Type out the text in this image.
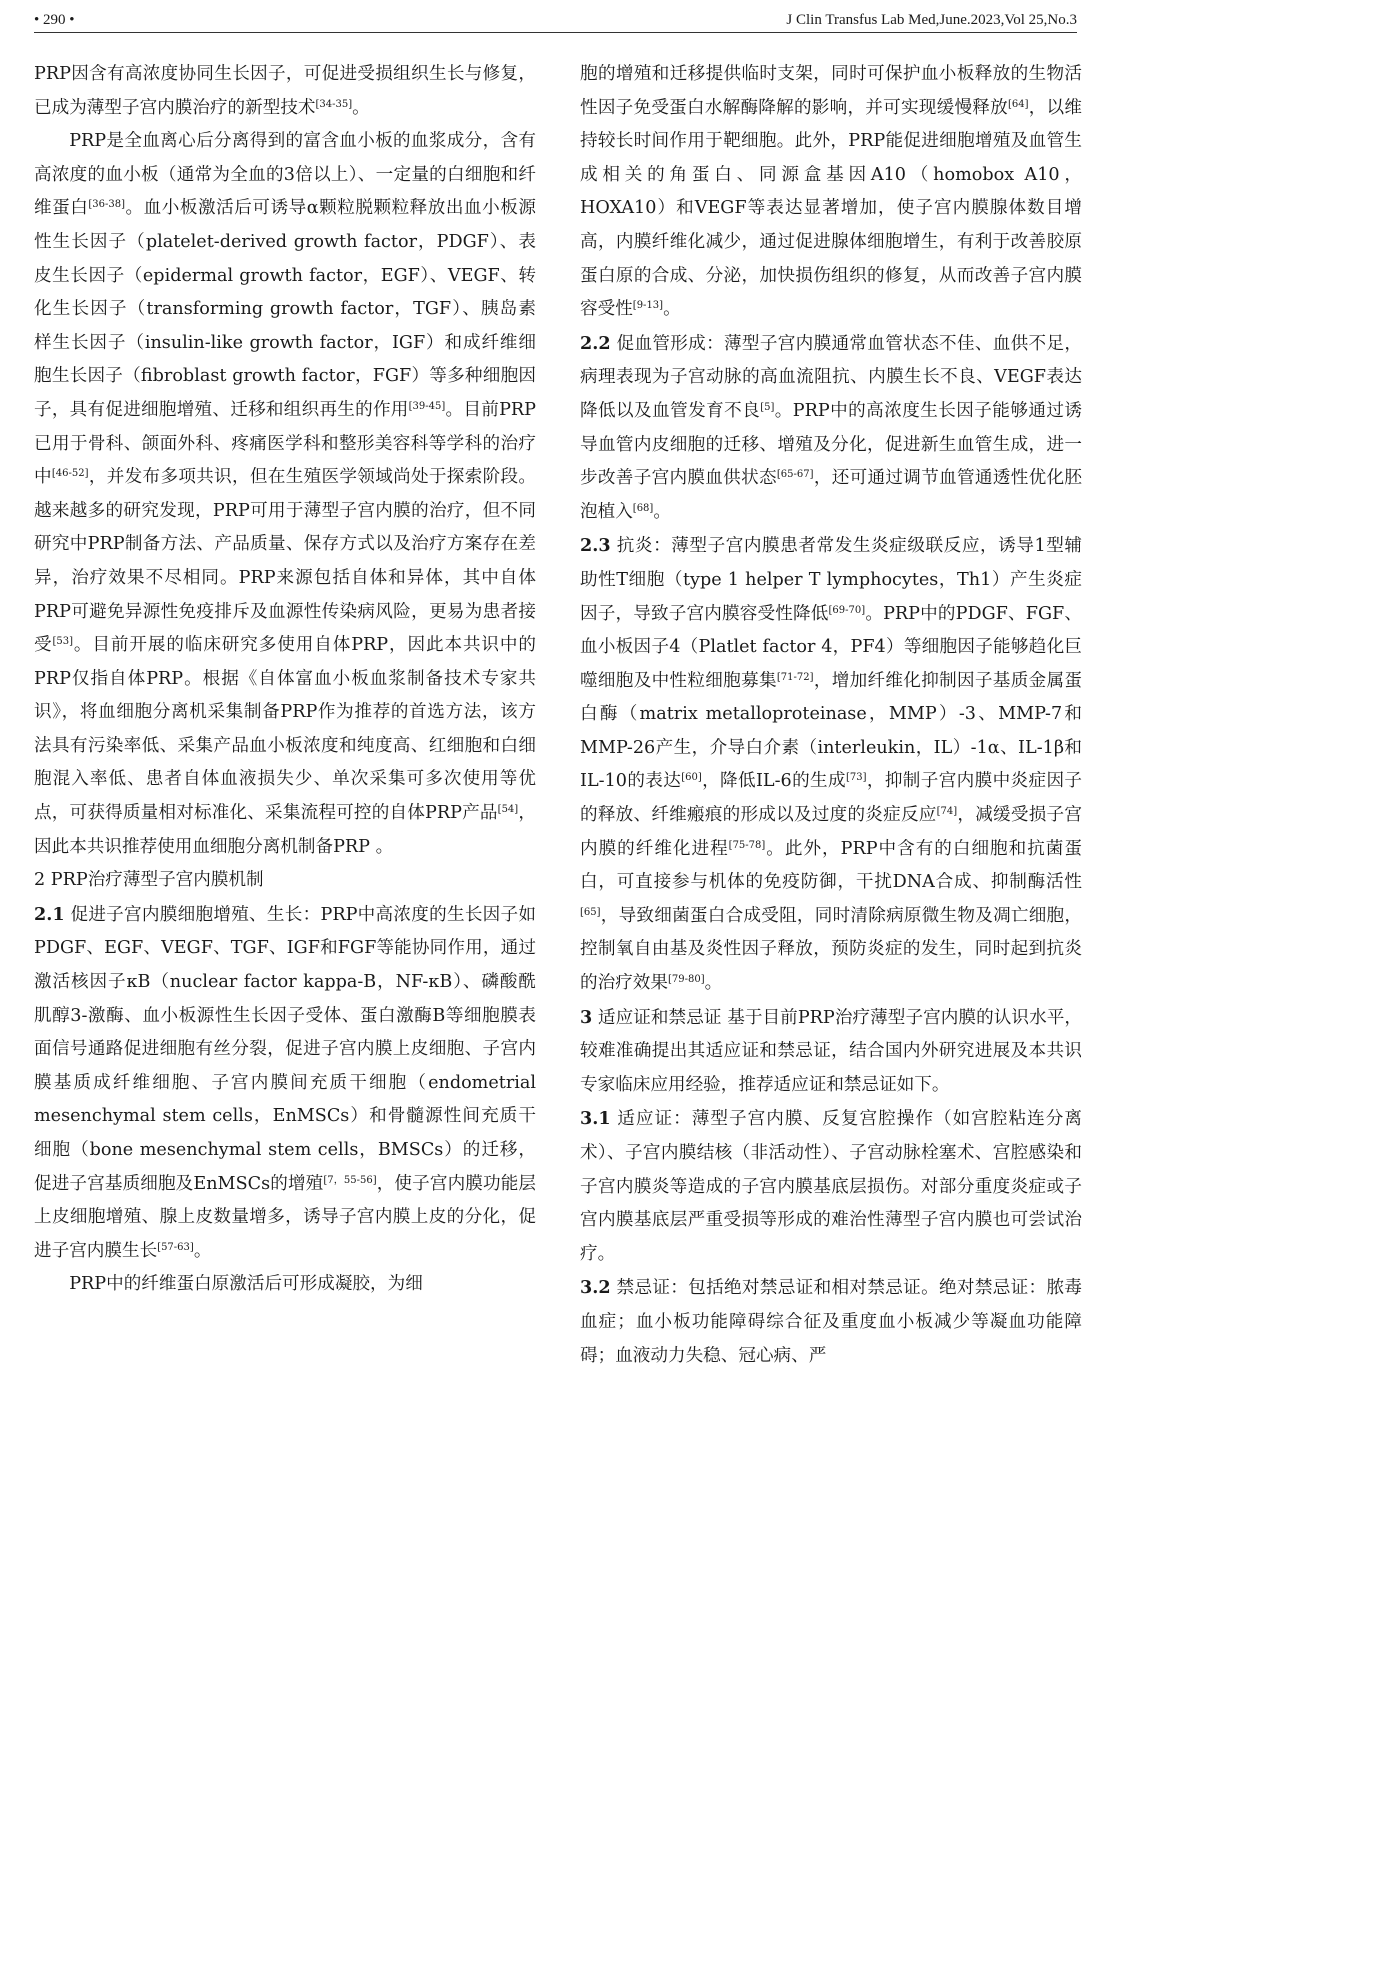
• 290 •	J Clin Transfus Lab Med,June.2023,Vol 25,No.3

PRP因含有高浓度协同生长因子，可促进受损组织生长与修复，已成为薄型子宫内膜治疗的新型技术[34-35]。

PRP是全血离心后分离得到的富含血小板的血浆成分，含有高浓度的血小板（通常为全血的3倍以上）、一定量的白细胞和纤维蛋白[36-38]。血小板激活后可诱导α颗粒脱颗粒释放出血小板源性生长因子（platelet-derived growth factor，PDGF）、表皮生长因子（epidermal growth factor，EGF）、VEGF、转化生长因子（transforming growth factor，TGF）、胰岛素样生长因子（insulin-like growth factor，IGF）和成纤维细胞生长因子（fibroblast growth factor，FGF）等多种细胞因子，具有促进细胞增殖、迁移和组织再生的作用[39-45]。目前PRP已用于骨科、颌面外科、疼痛医学科和整形美容科等学科的治疗中[46-52]，并发布多项共识，但在生殖医学领域尚处于探索阶段。越来越多的研究发现，PRP可用于薄型子宫内膜的治疗，但不同研究中PRP制备方法、产品质量、保存方式以及治疗方案存在差异，治疗效果不尽相同。PRP来源包括自体和异体，其中自体PRP可避免异源性免疫排斥及血源性传染病风险，更易为患者接受[53]。目前开展的临床研究多使用自体PRP，因此本共识中的PRP仅指自体PRP。根据《自体富血小板血浆制备技术专家共识》，将血细胞分离机采集制备PRP作为推荐的首选方法，该方法具有污染率低、采集产品血小板浓度和纯度高、红细胞和白细胞混入率低、患者自体血液损失少、单次采集可多次使用等优点，可获得质量相对标准化、采集流程可控的自体PRP产品[54]，因此本共识推荐使用血细胞分离机制备PRP 。

2 PRP治疗薄型子宫内膜机制

2.1 促进子宫内膜细胞增殖、生长：PRP中高浓度的生长因子如PDGF、EGF、VEGF、TGF、IGF和FGF等能协同作用，通过激活核因子κB（nuclear factor kappa-B，NF-κB）、磷酸酰肌醇3-激酶、血小板源性生长因子受体、蛋白激酶B等细胞膜表面信号通路促进细胞有丝分裂，促进子宫内膜上皮细胞、子宫内膜基质成纤维细胞、子宫内膜间充质干细胞（endometrial mesenchymal stem cells，EnMSCs）和骨髓源性间充质干细胞（bone mesenchymal stem cells，BMSCs）的迁移，促进子宫基质细胞及EnMSCs的增殖[7，55-56]，使子宫内膜功能层上皮细胞增殖、腺上皮数量增多，诱导子宫内膜上皮的分化，促进子宫内膜生长[57-63]。

PRP中的纤维蛋白原激活后可形成凝胶，为细

胞的增殖和迁移提供临时支架，同时可保护血小板释放的生物活性因子免受蛋白水解酶降解的影响，并可实现缓慢释放[64]，以维持较长时间作用于靶细胞。此外，PRP能促进细胞增殖及血管生成相关的角蛋白、同源盒基因A10（homobox A10，HOXA10）和VEGF等表达显著增加，使子宫内膜腺体数目增高，内膜纤维化减少，通过促进腺体细胞增生，有利于改善胶原蛋白原的合成、分泌，加快损伤组织的修复，从而改善子宫内膜容受性[9-13]。

2.2 促血管形成：薄型子宫内膜通常血管状态不佳、血供不足，病理表现为子宫动脉的高血流阻抗、内膜生长不良、VEGF表达降低以及血管发育不良[5]。PRP中的高浓度生长因子能够通过诱导血管内皮细胞的迁移、增殖及分化，促进新生血管生成，进一步改善子宫内膜血供状态[65-67]，还可通过调节血管通透性优化胚泡植入[68]。

2.3 抗炎：薄型子宫内膜患者常发生炎症级联反应，诱导1型辅助性T细胞（type 1 helper T lymphocytes，Th1）产生炎症因子，导致子宫内膜容受性降低[69-70]。PRP中的PDGF、FGF、血小板因子4（Platlet factor 4，PF4）等细胞因子能够趋化巨噬细胞及中性粒细胞募集[71-72]，增加纤维化抑制因子基质金属蛋白酶（matrix metalloproteinase，MMP）-3、MMP-7和MMP-26产生，介导白介素（interleukin，IL）-1α、IL-1β和IL-10的表达[60]，降低IL-6的生成[73]，抑制子宫内膜中炎症因子的释放、纤维瘢痕的形成以及过度的炎症反应[74]，减缓受损子宫内膜的纤维化进程[75-78]。此外，PRP中含有的白细胞和抗菌蛋白，可直接参与机体的免疫防御，干扰DNA合成、抑制酶活性[65]，导致细菌蛋白合成受阻，同时清除病原微生物及凋亡细胞，控制氧自由基及炎性因子释放，预防炎症的发生，同时起到抗炎的治疗效果[79-80]。

3 适应证和禁忌证 基于目前PRP治疗薄型子宫内膜的认识水平，较难准确提出其适应证和禁忌证，结合国内外研究进展及本共识专家临床应用经验，推荐适应证和禁忌证如下。

3.1 适应证：薄型子宫内膜、反复宫腔操作（如宫腔粘连分离术）、子宫内膜结核（非活动性）、子宫动脉栓塞术、宫腔感染和子宫内膜炎等造成的子宫内膜基底层损伤。对部分重度炎症或子宫内膜基底层严重受损等形成的难治性薄型子宫内膜也可尝试治疗。

3.2 禁忌证：包括绝对禁忌证和相对禁忌证。绝对禁忌证：脓毒血症；血小板功能障碍综合征及重度血小板减少等凝血功能障碍；血液动力失稳、冠心病、严
